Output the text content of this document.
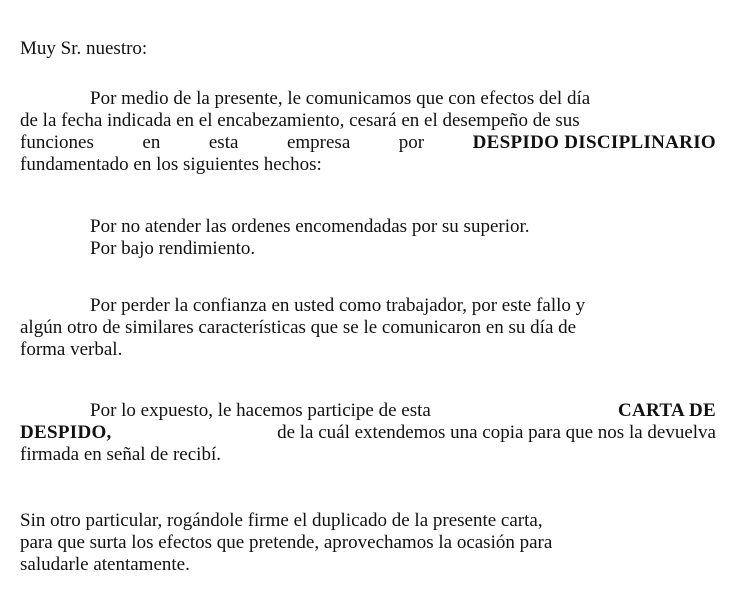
Muy Sr. nuestro:

Por medio de la presente, le comunicamos que con efectos del día
de la fecha indicada en el encabezamiento, cesará en el desempeño de sus
funciones	en	esta	empresa	por	DESPIDO DISCIPLINARIO
fundamentado en los siguientes hechos:
Por no atender las ordenes encomendadas por su superior.
Por bajo rendimiento.
Por perder la confianza en usted como trabajador, por este fallo y
algún otro de similares características que se le comunicaron en su día de
forma verbal.
Por lo expuesto, le hacemos participe de esta	CARTA DE
DESPIDO,	de la cuál extendemos una copia para que nos la devuelva
firmada en señal de recibí.
Sin otro particular, rogándole firme el duplicado de la presente carta,
para que surta los efectos que pretende, aprovechamos la ocasión para
saludarle atentamente.
